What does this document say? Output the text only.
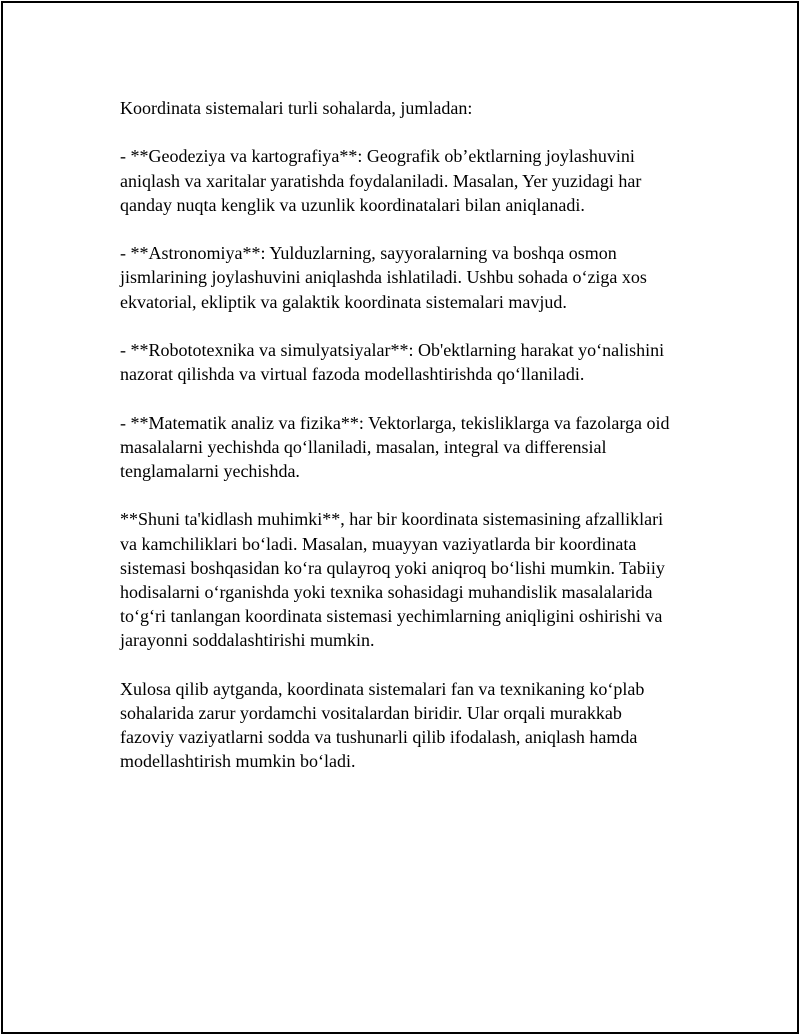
Koordinata sistemalari turli sohalarda, jumladan:

- **Geodeziya va kartografiya**: Geografik obʼektlarning joylashuvini
aniqlash va xaritalar yaratishda foydalaniladi. Masalan, Yer yuzidagi har
qanday nuqta kenglik va uzunlik koordinatalari bilan aniqlanadi.

- **Astronomiya**: Yulduzlarning, sayyoralarning va boshqa osmon
jismlarining joylashuvini aniqlashda ishlatiladi. Ushbu sohada oʻziga xos
ekvatorial, ekliptik va galaktik koordinata sistemalari mavjud.

- **Robototexnika va simulyatsiyalar**: Ob'ektlarning harakat yoʻnalishini
nazorat qilishda va virtual fazoda modellashtirishda qoʻllaniladi.

- **Matematik analiz va fizika**: Vektorlarga, tekisliklarga va fazolarga oid
masalalarni yechishda qoʻllaniladi, masalan, integral va differensial
tenglamalarni yechishda.

**Shuni ta'kidlash muhimki**, har bir koordinata sistemasining afzalliklari
va kamchiliklari boʻladi. Masalan, muayyan vaziyatlarda bir koordinata
sistemasi boshqasidan koʻra qulayroq yoki aniqroq boʻlishi mumkin. Tabiiy
hodisalarni oʻrganishda yoki texnika sohasidagi muhandislik masalalarida
toʻgʻri tanlangan koordinata sistemasi yechimlarning aniqligini oshirishi va
jarayonni soddalashtirishi mumkin.

Xulosa qilib aytganda, koordinata sistemalari fan va texnikaning koʻplab
sohalarida zarur yordamchi vositalardan biridir. Ular orqali murakkab
fazoviy vaziyatlarni sodda va tushunarli qilib ifodalash, aniqlash hamda
modellashtirish mumkin boʻladi.
